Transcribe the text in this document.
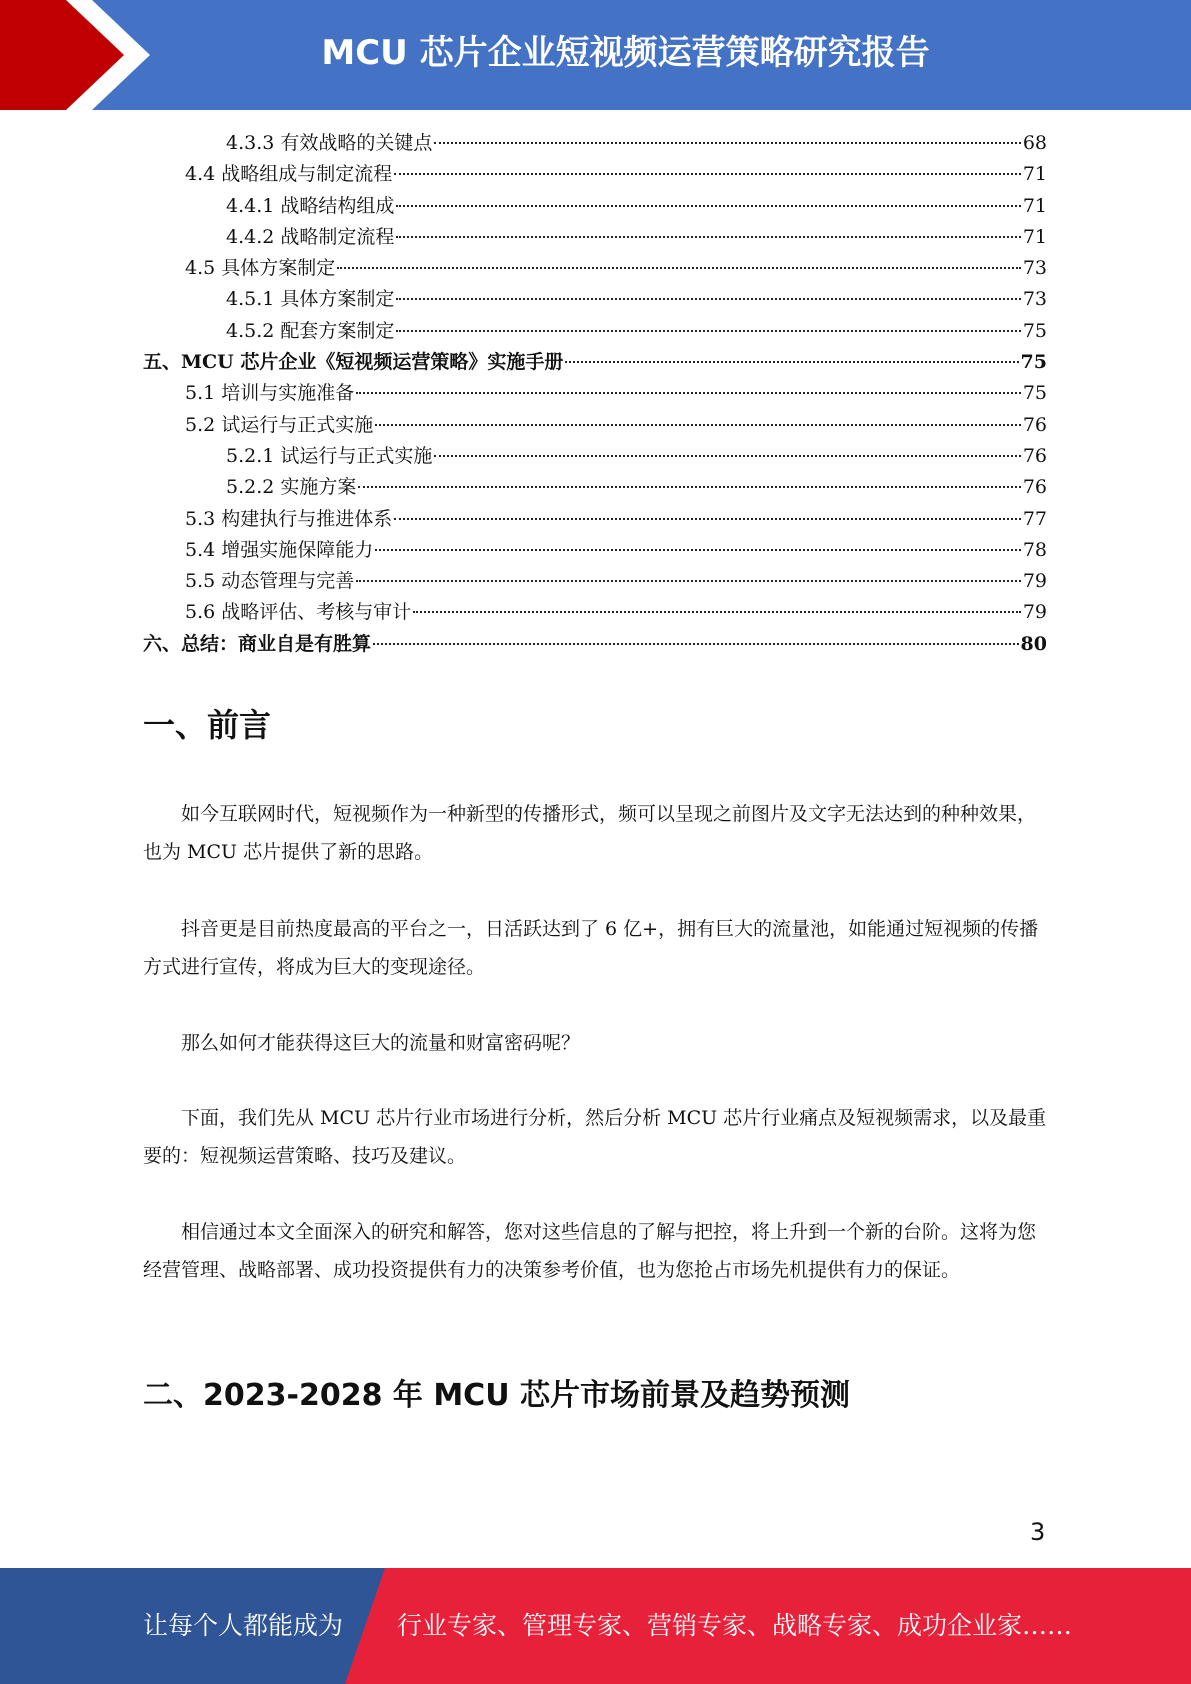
MCU 芯片企业短视频运营策略研究报告
4.3.3 有效战略的关键点	68
4.4 战略组成与制定流程	71
4.4.1 战略结构组成	71
4.4.2 战略制定流程	71
4.5 具体方案制定	73
4.5.1 具体方案制定	73
4.5.2 配套方案制定	75
五、MCU 芯片企业《短视频运营策略》实施手册	75
5.1 培训与实施准备	75
5.2 试运行与正式实施	76
5.2.1 试运行与正式实施	76
5.2.2 实施方案	76
5.3 构建执行与推进体系	77
5.4 增强实施保障能力	78
5.5 动态管理与完善	79
5.6 战略评估、考核与审计	79
六、总结：商业自是有胜算	80
一、前言

如今互联网时代，短视频作为一种新型的传播形式，频可以呈现之前图片及文字无法达到的种种效果，也为 MCU 芯片提供了新的思路。

抖音更是目前热度最高的平台之一，日活跃达到了 6 亿+，拥有巨大的流量池，如能通过短视频的传播方式进行宣传，将成为巨大的变现途径。

那么如何才能获得这巨大的流量和财富密码呢？

下面，我们先从 MCU 芯片行业市场进行分析，然后分析 MCU 芯片行业痛点及短视频需求，以及最重要的：短视频运营策略、技巧及建议。

相信通过本文全面深入的研究和解答，您对这些信息的了解与把控，将上升到一个新的台阶。这将为您经营管理、战略部署、成功投资提供有力的决策参考价值，也为您抢占市场先机提供有力的保证。

二、2023-2028 年 MCU 芯片市场前景及趋势预测
3
让每个人都能成为 行业专家、管理专家、营销专家、战略专家、成功企业家……
